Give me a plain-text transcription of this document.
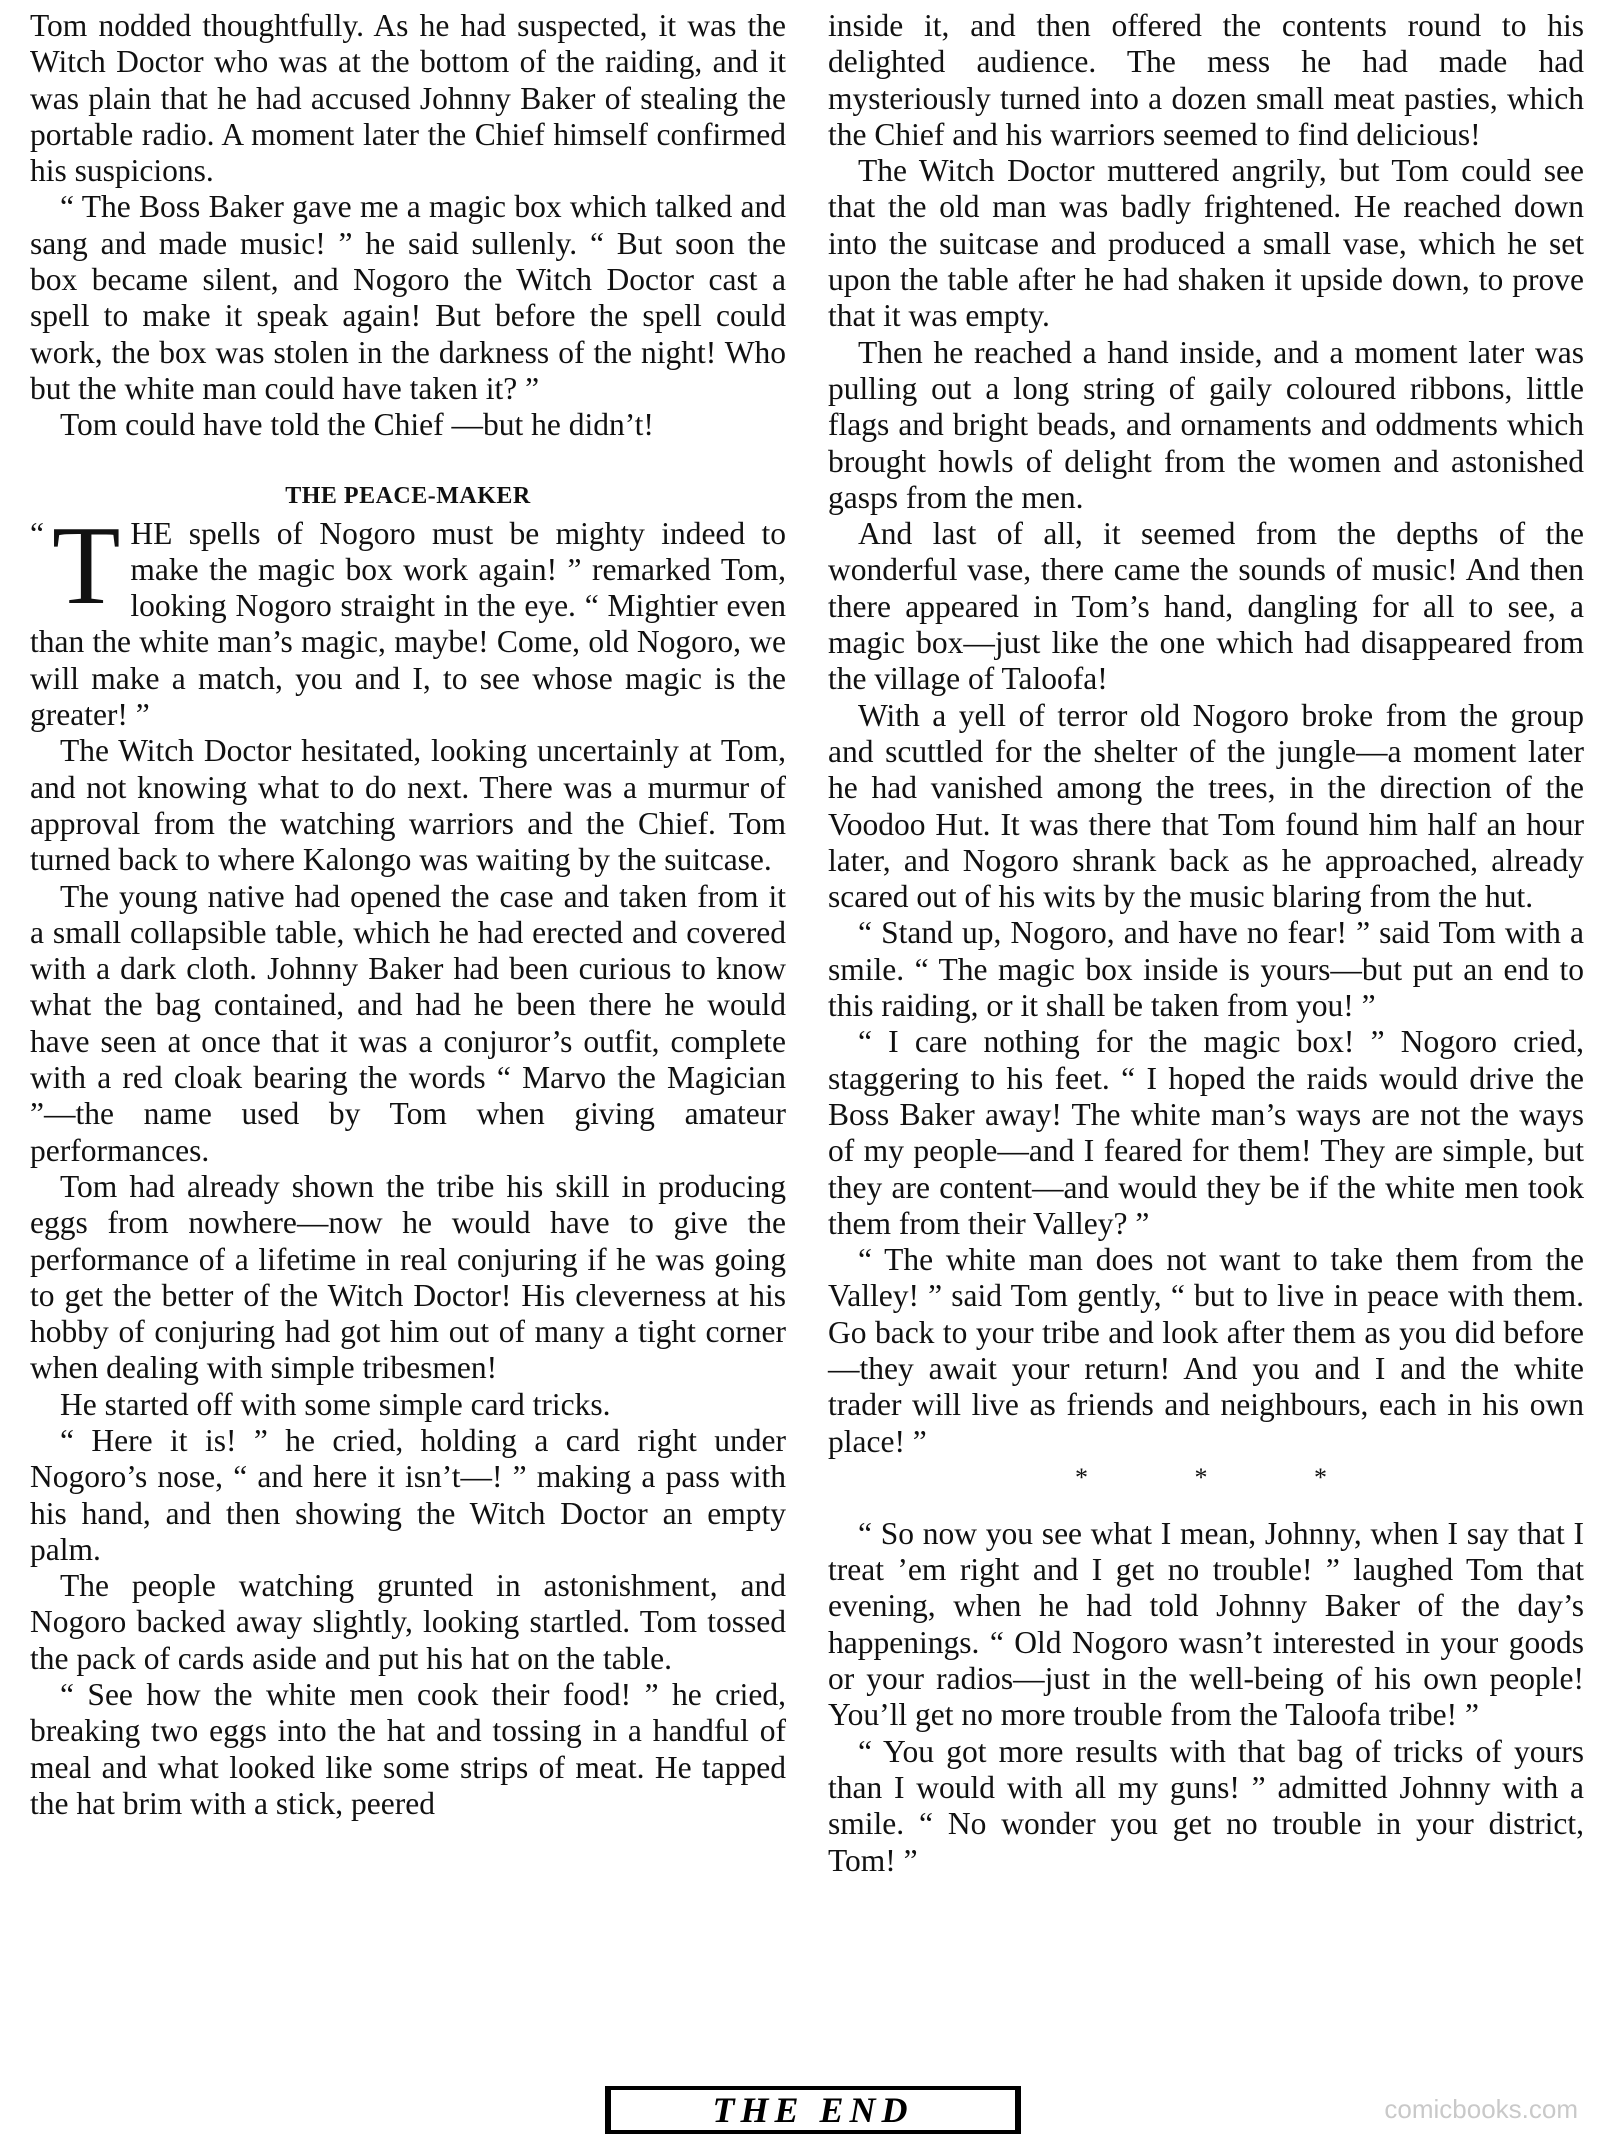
Tom nodded thoughtfully. As he had suspected, it was the Witch Doctor who was at the bottom of the raiding, and it was plain that he had accused Johnny Baker of stealing the portable radio. A moment later the Chief himself confirmed his suspicions.

“ The Boss Baker gave me a magic box which talked and sang and made music! ” he said sullenly. “ But soon the box became silent, and Nogoro the Witch Doctor cast a spell to make it speak again! But before the spell could work, the box was stolen in the darkness of the night! Who but the white man could have taken it? ”

Tom could have told the Chief —but he didn’t!

THE PEACE-MAKER

“ T HE spells of Nogoro must be mighty indeed to make the magic box work again! ” remarked Tom, looking Nogoro straight in the eye. “ Mightier even than the white man’s magic, maybe! Come, old Nogoro, we will make a match, you and I, to see whose magic is the greater! ”

The Witch Doctor hesitated, looking uncertainly at Tom, and not knowing what to do next. There was a murmur of approval from the watching warriors and the Chief. Tom turned back to where Kalongo was waiting by the suitcase.

The young native had opened the case and taken from it a small collapsible table, which he had erected and covered with a dark cloth. Johnny Baker had been curious to know what the bag contained, and had he been there he would have seen at once that it was a conjuror’s outfit, complete with a red cloak bearing the words “ Marvo the Magician ”—the name used by Tom when giving amateur performances.

Tom had already shown the tribe his skill in producing eggs from nowhere—now he would have to give the performance of a lifetime in real conjuring if he was going to get the better of the Witch Doctor! His cleverness at his hobby of conjuring had got him out of many a tight corner when dealing with simple tribesmen!

He started off with some simple card tricks.

“ Here it is! ” he cried, holding a card right under Nogoro’s nose, “ and here it isn’t—! ” making a pass with his hand, and then showing the Witch Doctor an empty palm.

The people watching grunted in astonishment, and Nogoro backed away slightly, looking startled. Tom tossed the pack of cards aside and put his hat on the table.

“ See how the white men cook their food! ” he cried, breaking two eggs into the hat and tossing in a handful of meal and what looked like some strips of meat. He tapped the hat brim with a stick, peered

inside it, and then offered the contents round to his delighted audience. The mess he had made had mysteriously turned into a dozen small meat pasties, which the Chief and his warriors seemed to find delicious!

The Witch Doctor muttered angrily, but Tom could see that the old man was badly frightened. He reached down into the suitcase and produced a small vase, which he set upon the table after he had shaken it upside down, to prove that it was empty.

Then he reached a hand inside, and a moment later was pulling out a long string of gaily coloured ribbons, little flags and bright beads, and ornaments and oddments which brought howls of delight from the women and astonished gasps from the men.

And last of all, it seemed from the depths of the wonderful vase, there came the sounds of music! And then there appeared in Tom’s hand, dangling for all to see, a magic box—just like the one which had disappeared from the village of Taloofa!

With a yell of terror old Nogoro broke from the group and scuttled for the shelter of the jungle—a moment later he had vanished among the trees, in the direction of the Voodoo Hut. It was there that Tom found him half an hour later, and Nogoro shrank back as he approached, already scared out of his wits by the music blaring from the hut.

“ Stand up, Nogoro, and have no fear! ” said Tom with a smile. “ The magic box inside is yours—but put an end to this raiding, or it shall be taken from you! ”

“ I care nothing for the magic box! ” Nogoro cried, staggering to his feet. “ I hoped the raids would drive the Boss Baker away! The white man’s ways are not the ways of my people—and I feared for them! They are simple, but they are content—and would they be if the white men took them from their Valley? ”

“ The white man does not want to take them from the Valley! ” said Tom gently, “ but to live in peace with them. Go back to your tribe and look after them as you did before—they await your return! And you and I and the white trader will live as friends and neighbours, each in his own place! ”

* * *

“ So now you see what I mean, Johnny, when I say that I treat ’em right and I get no trouble! ” laughed Tom that evening, when he had told Johnny Baker of the day’s happenings. “ Old Nogoro wasn’t interested in your goods or your radios—just in the well-being of his own people! You’ll get no more trouble from the Taloofa tribe! ”

“ You got more results with that bag of tricks of yours than I would with all my guns! ” admitted Johnny with a smile. “ No wonder you get no trouble in your district, Tom! ”

THE END	comicbooks.com
